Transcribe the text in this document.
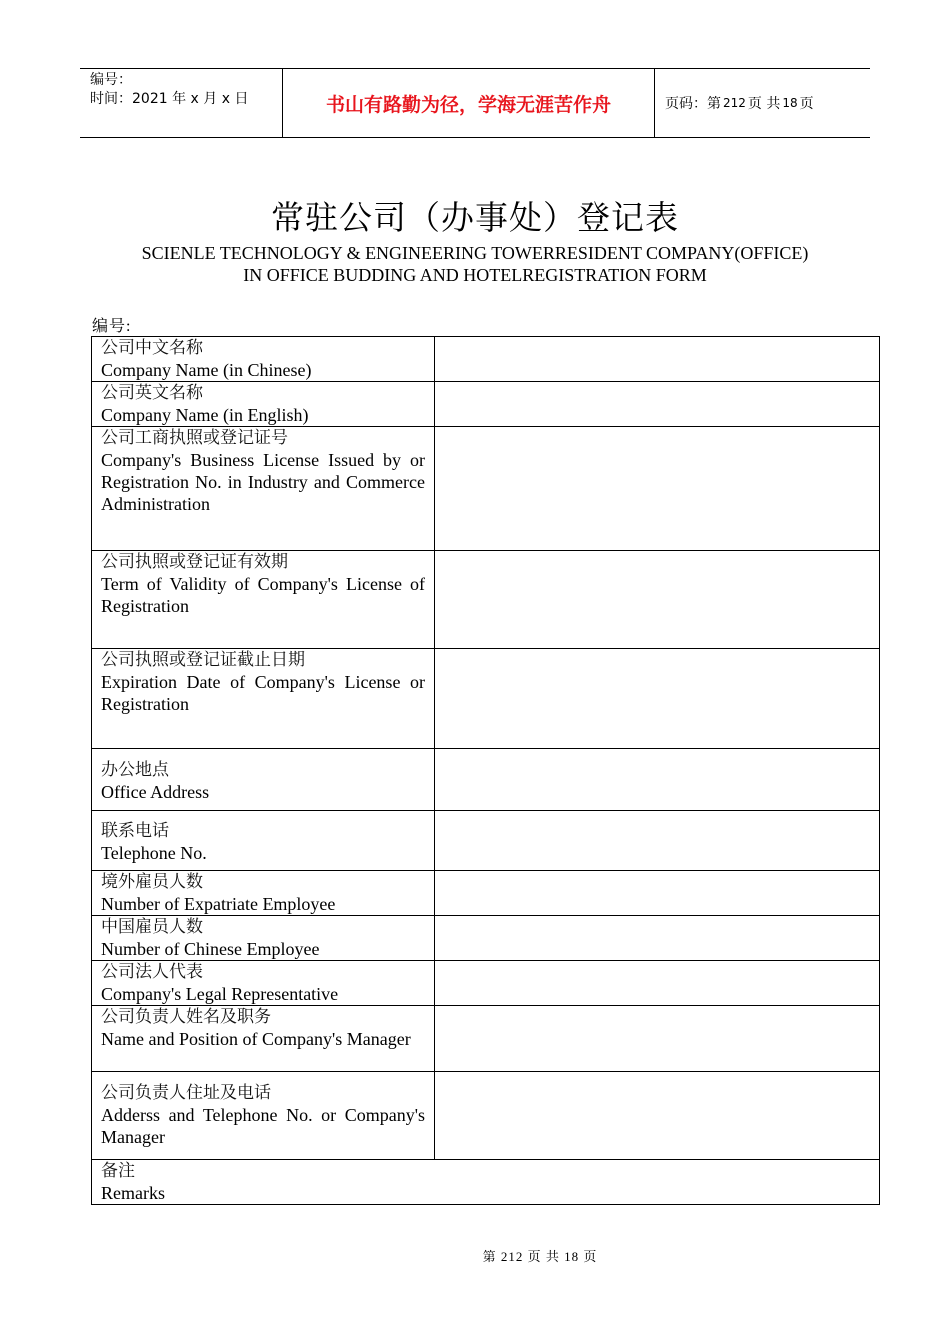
编号：
时间：2021 年 x 月 x 日	书山有路勤为径，学海无涯苦作舟	页码：第 212 页 共 18 页
常驻公司（办事处）登记表
SCIENLE TECHNOLOGY & ENGINEERING TOWERRESIDENT COMPANY(OFFICE)
IN OFFICE BUDDING AND HOTELREGISTRATION FORM
编号:
公司中文名称
Company Name (in Chinese)	

公司英文名称
Company Name (in English)	

公司工商执照或登记证号
Company's Business License Issued by or Registration No. in Industry and Commerce Administration	

公司执照或登记证有效期
Term of Validity of Company's License of Registration	

公司执照或登记证截止日期
Expiration Date of Company's License or Registration	

办公地点
Office Address	

联系电话
Telephone No.	

境外雇员人数
Number of Expatriate Employee	

中国雇员人数
Number of Chinese Employee	

公司法人代表
Company's Legal Representative	

公司负责人姓名及职务
Name and Position of Company's Manager	

公司负责人住址及电话
Adderss and Telephone No. or Company's Manager	

备注
Remarks	
第 212 页 共 18 页
